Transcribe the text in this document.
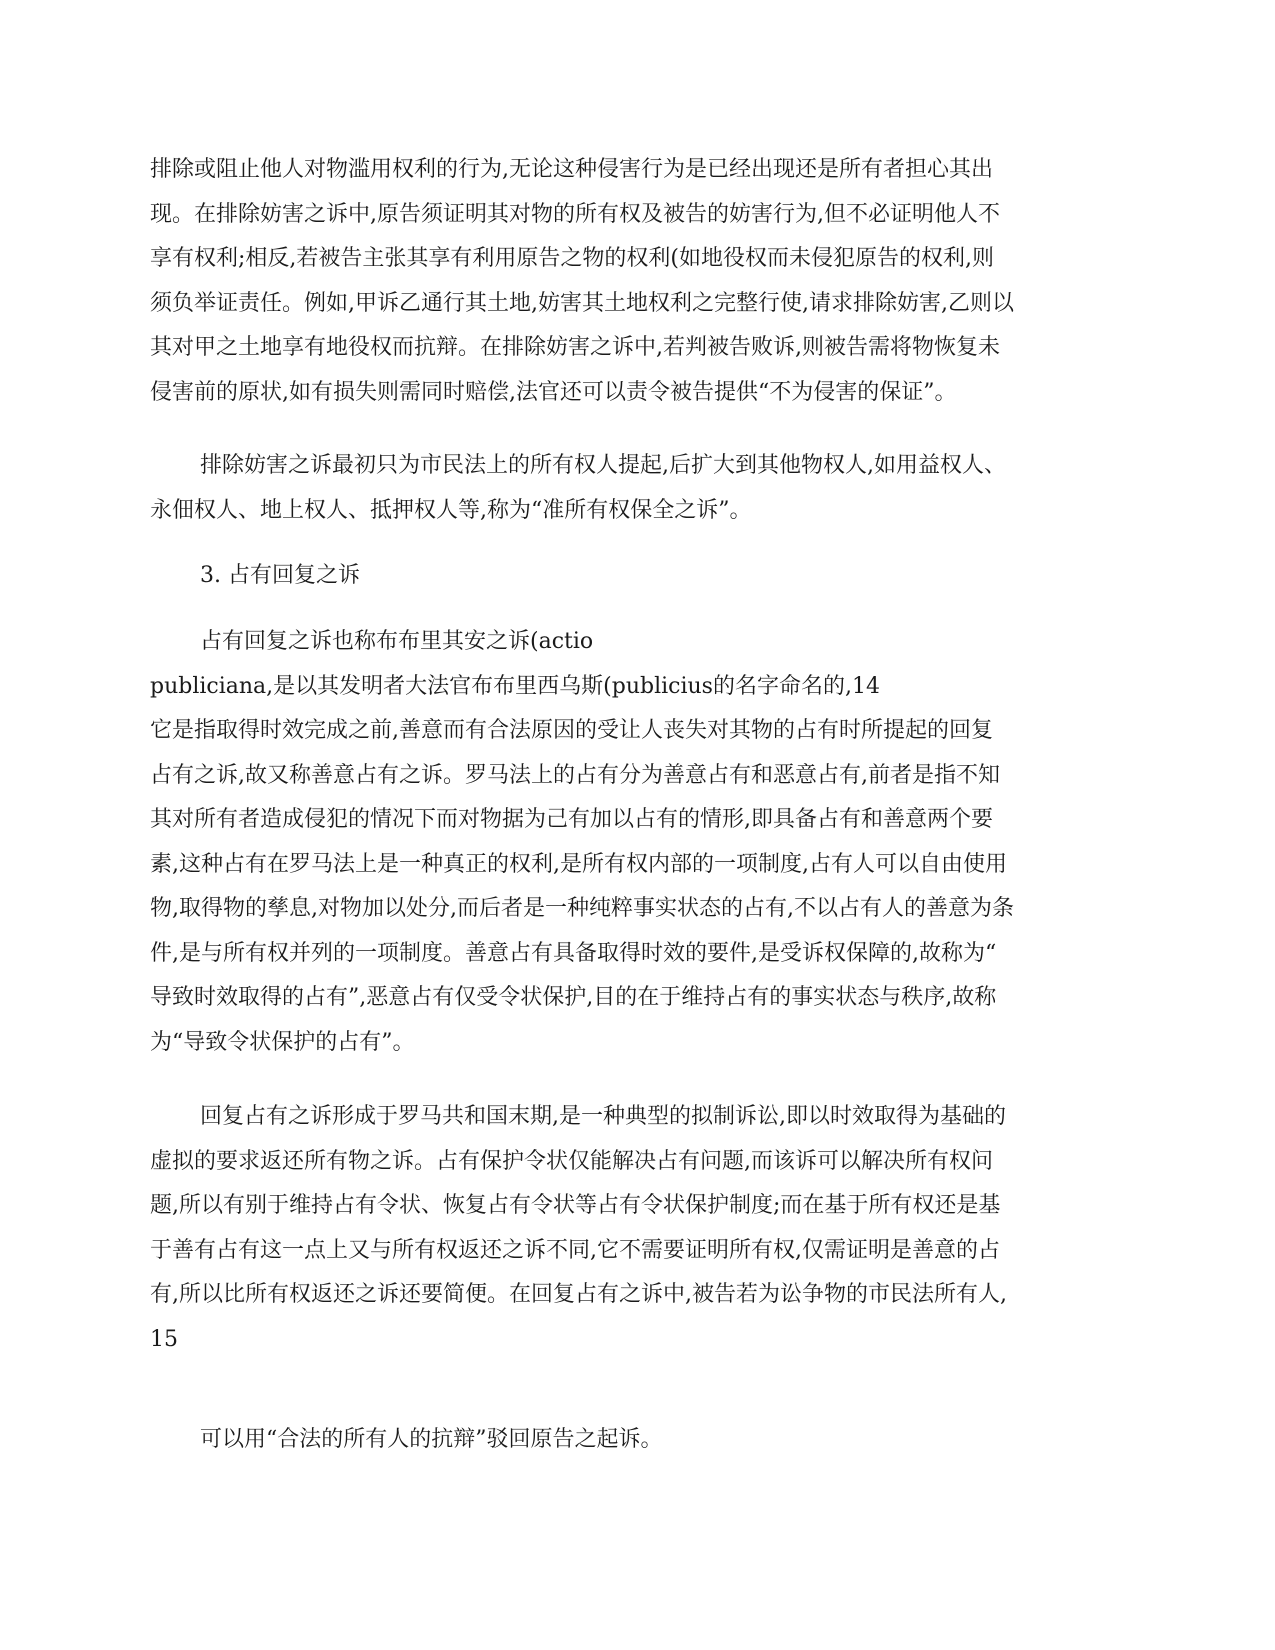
排除或阻止他人对物滥用权利的行为,无论这种侵害行为是已经出现还是所有者担心其出
现。在排除妨害之诉中,原告须证明其对物的所有权及被告的妨害行为,但不必证明他人不
享有权利;相反,若被告主张其享有利用原告之物的权利(如地役权而未侵犯原告的权利,则
须负举证责任。例如,甲诉乙通行其土地,妨害其土地权利之完整行使,请求排除妨害,乙则以
其对甲之土地享有地役权而抗辩。在排除妨害之诉中,若判被告败诉,则被告需将物恢复未
侵害前的原状,如有损失则需同时赔偿,法官还可以责令被告提供“不为侵害的保证”。
排除妨害之诉最初只为市民法上的所有权人提起,后扩大到其他物权人,如用益权人、
永佃权人、地上权人、抵押权人等,称为“准所有权保全之诉”。
3. 占有回复之诉
占有回复之诉也称布布里其安之诉(actio
publiciana,是以其发明者大法官布布里西乌斯(publicius的名字命名的,14
它是指取得时效完成之前,善意而有合法原因的受让人丧失对其物的占有时所提起的回复
占有之诉,故又称善意占有之诉。罗马法上的占有分为善意占有和恶意占有,前者是指不知
其对所有者造成侵犯的情况下而对物据为己有加以占有的情形,即具备占有和善意两个要
素,这种占有在罗马法上是一种真正的权利,是所有权内部的一项制度,占有人可以自由使用
物,取得物的孳息,对物加以处分,而后者是一种纯粹事实状态的占有,不以占有人的善意为条
件,是与所有权并列的一项制度。善意占有具备取得时效的要件,是受诉权保障的,故称为“
导致时效取得的占有”,恶意占有仅受令状保护,目的在于维持占有的事实状态与秩序,故称
为“导致令状保护的占有”。
回复占有之诉形成于罗马共和国末期,是一种典型的拟制诉讼,即以时效取得为基础的
虚拟的要求返还所有物之诉。占有保护令状仅能解决占有问题,而该诉可以解决所有权问
题,所以有别于维持占有令状、恢复占有令状等占有令状保护制度;而在基于所有权还是基
于善有占有这一点上又与所有权返还之诉不同,它不需要证明所有权,仅需证明是善意的占
有,所以比所有权返还之诉还要简便。在回复占有之诉中,被告若为讼争物的市民法所有人,
15
可以用“合法的所有人的抗辩”驳回原告之起诉。
